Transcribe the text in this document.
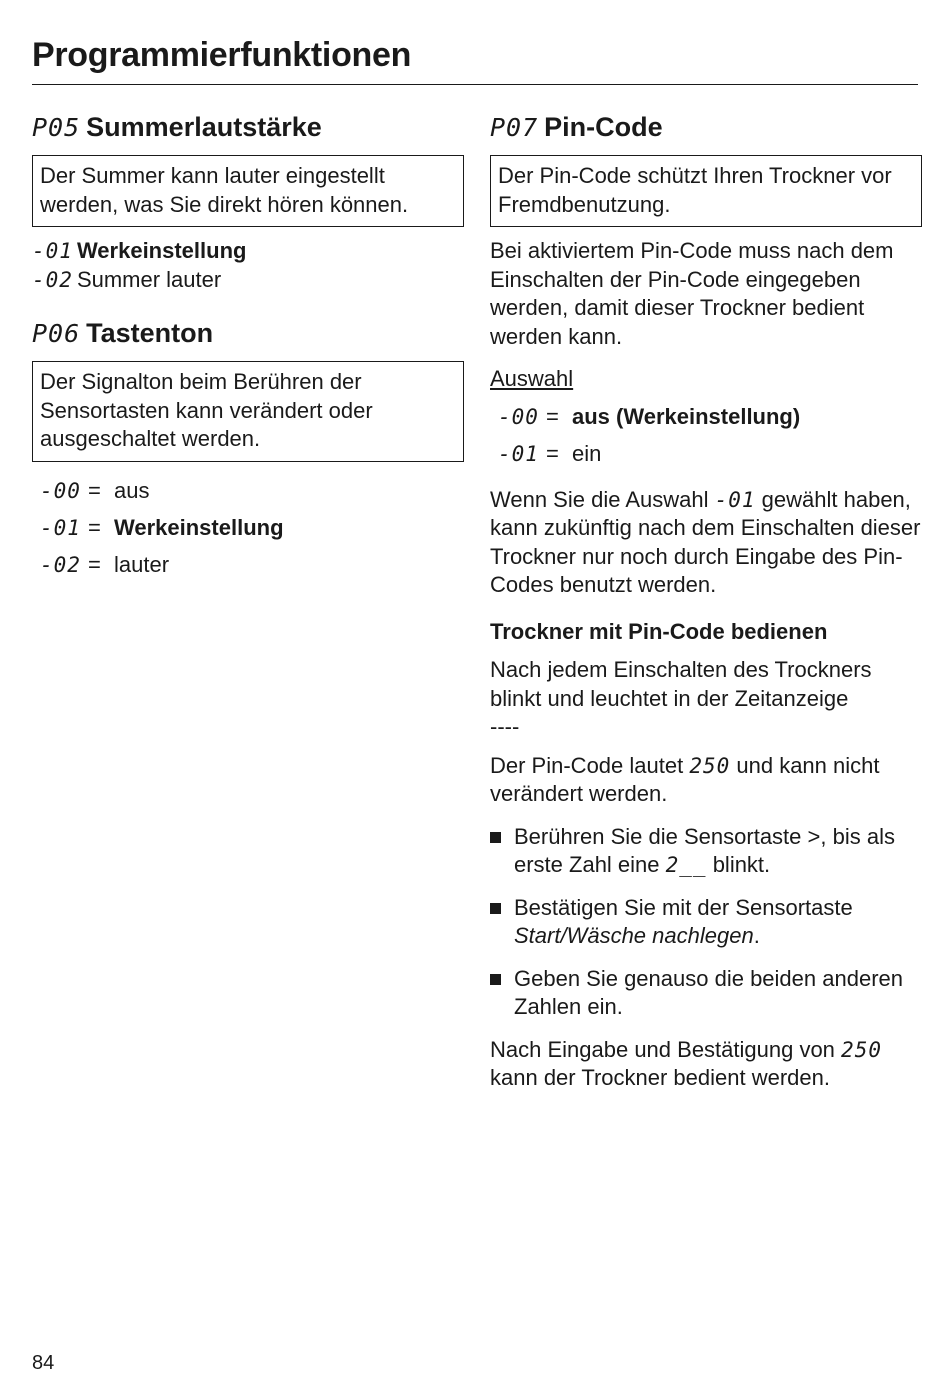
Programmierfunktionen
P05 Summerlautstärke
Der Summer kann lauter eingestellt werden, was Sie direkt hören können.
-01 Werkeinstellung
-02 Summer lauter
P06 Tastenton
Der Signalton beim Berühren der Sensortasten kann verändert oder ausgeschaltet werden.
-00 = aus
-01 = Werkeinstellung
-02 = lauter
P07 Pin-Code
Der Pin-Code schützt Ihren Trockner vor Fremdbenutzung.

Bei aktiviertem Pin-Code muss nach dem Einschalten der Pin-Code eingegeben werden, damit dieser Trockner bedient werden kann.

Auswahl

-00 = aus (Werkeinstellung)
-01 = ein

Wenn Sie die Auswahl -01 gewählt haben, kann zukünftig nach dem Einschalten dieser Trockner nur noch durch Eingabe des Pin-Codes benutzt werden.

Trockner mit Pin-Code bedienen

Nach jedem Einschalten des Trockners blinkt und leuchtet in der Zeitanzeige

----

Der Pin-Code lautet 250 und kann nicht verändert werden.

Berühren Sie die Sensortaste >, bis als erste Zahl eine 2__ blinkt.
Bestätigen Sie mit der Sensortaste Start/Wäsche nachlegen.
Geben Sie genauso die beiden anderen Zahlen ein.

Nach Eingabe und Bestätigung von 250 kann der Trockner bedient werden.

84
